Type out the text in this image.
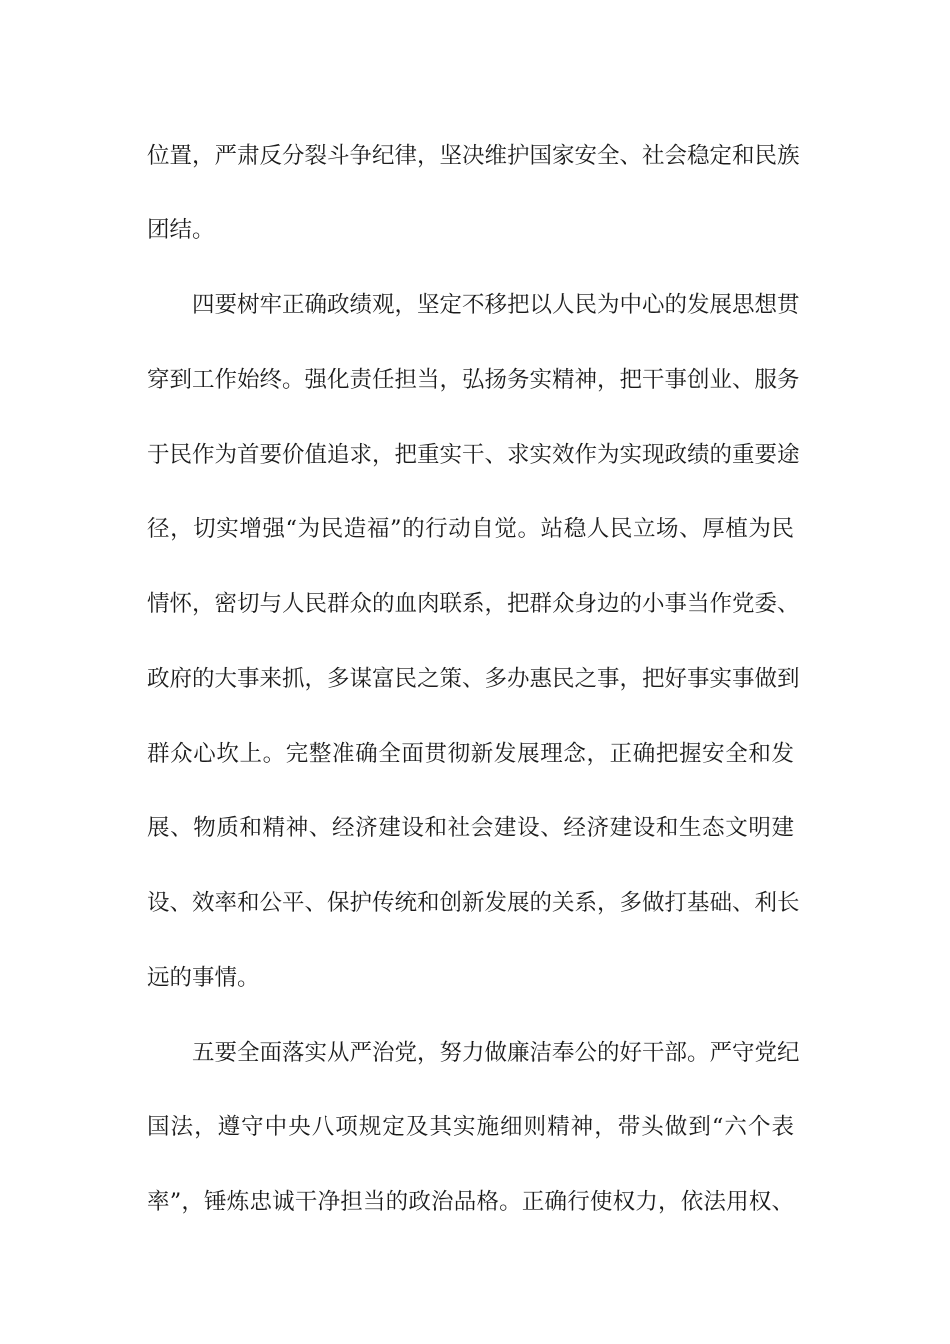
位置，严肃反分裂斗争纪律，坚决维护国家安全、社会稳定和民族
团结。
四要树牢正确政绩观，坚定不移把以人民为中心的发展思想贯
穿到工作始终。强化责任担当，弘扬务实精神，把干事创业、服务
于民作为首要价值追求，把重实干、求实效作为实现政绩的重要途
径，切实增强“为民造福”的行动自觉。站稳人民立场、厚植为民
情怀，密切与人民群众的血肉联系，把群众身边的小事当作党委、
政府的大事来抓，多谋富民之策、多办惠民之事，把好事实事做到
群众心坎上。完整准确全面贯彻新发展理念，正确把握安全和发
展、物质和精神、经济建设和社会建设、经济建设和生态文明建
设、效率和公平、保护传统和创新发展的关系，多做打基础、利长
远的事情。
五要全面落实从严治党，努力做廉洁奉公的好干部。严守党纪
国法，遵守中央八项规定及其实施细则精神，带头做到“六个表
率”，锤炼忠诚干净担当的政治品格。正确行使权力，依法用权、
